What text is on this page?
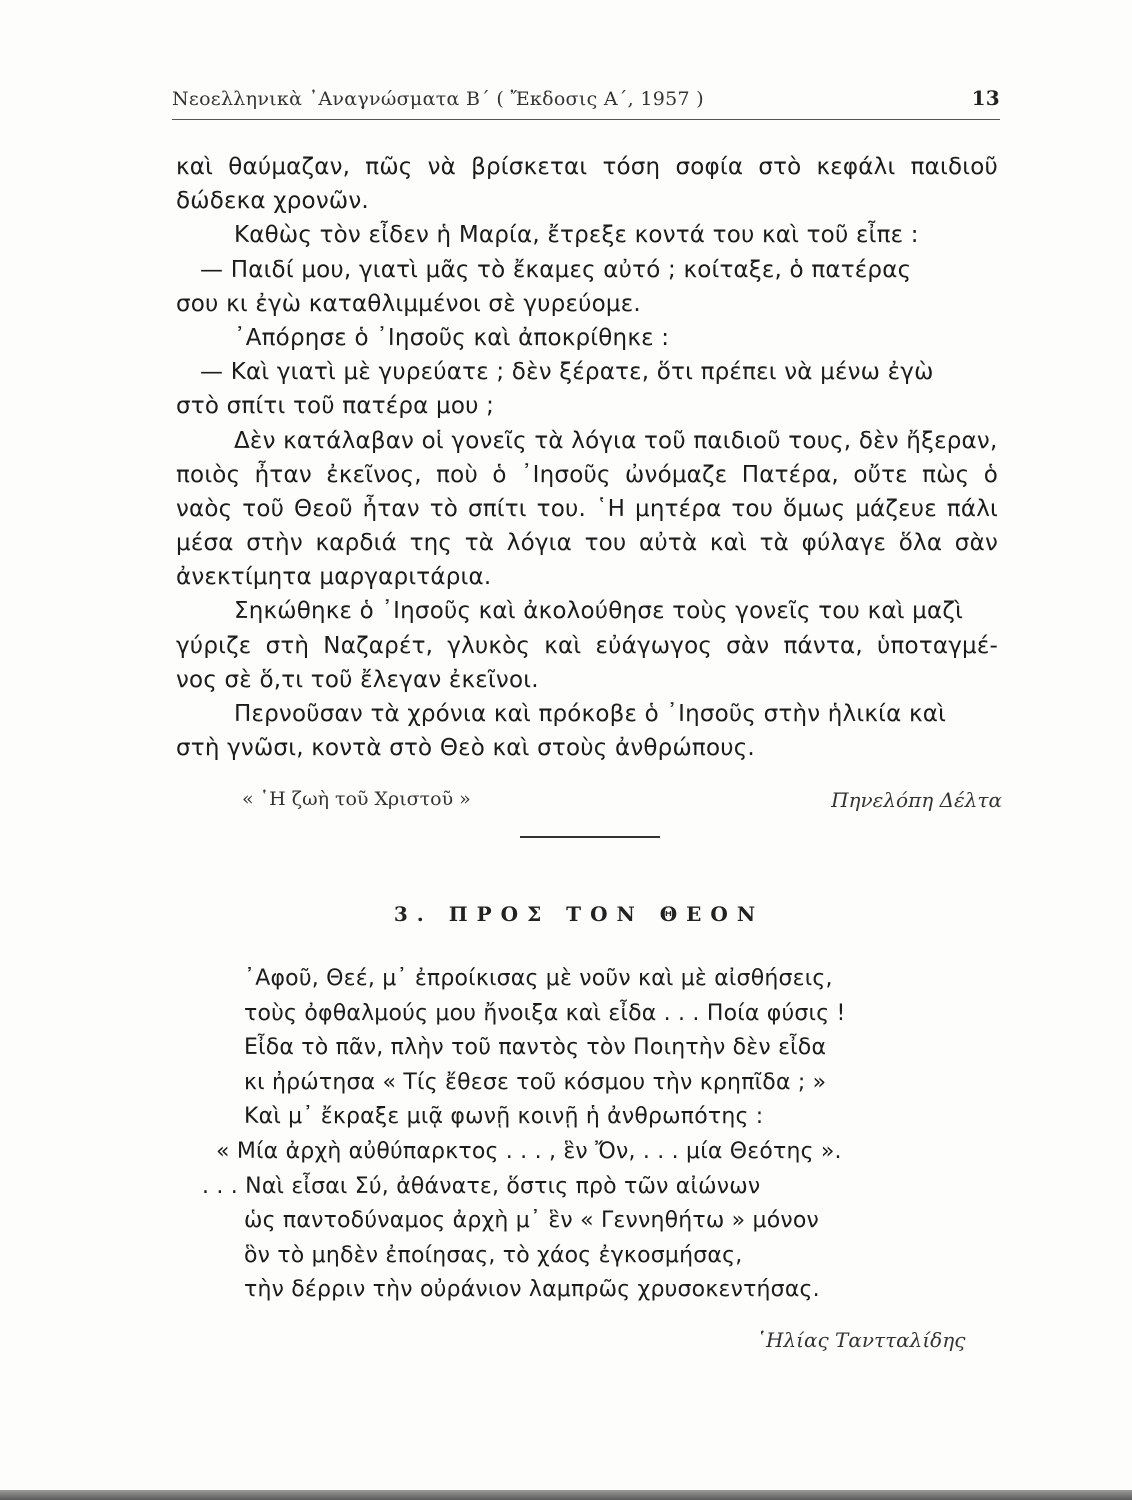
Νεοελληνικὰ ᾿Αναγνώσματα Β΄ ( Ἔκδοσις Α΄, 1957 )	13
καὶ θαύμαζαν, πῶς νὰ βρίσκεται τόση σοφία στὸ κεφάλι παιδιοῦ
δώδεκα χρονῶν.
Καθὼς τὸν εἶδεν ἡ Μαρία, ἔτρεξε κοντά του καὶ τοῦ εἶπε :
— Παιδί μου, γιατὶ μᾶς τὸ ἔκαμες αὐτό ; κοίταξε, ὁ πατέρας
σου κι ἐγὼ καταθλιμμένοι σὲ γυρεύομε.
᾿Απόρησε ὁ ᾿Ιησοῦς καὶ ἀποκρίθηκε :
— Καὶ γιατὶ μὲ γυρεύατε ; δὲν ξέρατε, ὅτι πρέπει νὰ μένω ἐγὼ
στὸ σπίτι τοῦ πατέρα μου ;
Δὲν κατάλαβαν οἱ γονεῖς τὰ λόγια τοῦ παιδιοῦ τους, δὲν ἤξεραν,
ποιὸς ἦταν ἐκεῖνος, ποὺ ὁ ᾿Ιησοῦς ὠνόμαζε Πατέρα, οὔτε πὼς ὁ
ναὸς τοῦ Θεοῦ ἦταν τὸ σπίτι του. ῾Η μητέρα του ὅμως μάζευε πάλι
μέσα στὴν καρδιά της τὰ λόγια του αὐτὰ καὶ τὰ φύλαγε ὅλα σὰν
ἀνεκτίμητα μαργαριτάρια.
Σηκώθηκε ὁ ᾿Ιησοῦς καὶ ἀκολούθησε τοὺς γονεῖς του καὶ μαζὶ
γύριζε στὴ Ναζαρέτ, γλυκὸς καὶ εὐάγωγος σὰν πάντα, ὑποταγμέ-
νος σὲ ὅ,τι τοῦ ἔλεγαν ἐκεῖνοι.
Περνοῦσαν τὰ χρόνια καὶ πρόκοβε ὁ ᾿Ιησοῦς στὴν ἡλικία καὶ
στὴ γνῶσι, κοντὰ στὸ Θεὸ καὶ στοὺς ἀνθρώπους.
« ῾Η ζωὴ τοῦ Χριστοῦ »	Πηνελόπη Δέλτα
3. ΠΡΟΣ ΤΟΝ ΘΕΟΝ
᾿Αφοῦ, Θεέ, μ᾿ ἐπροίκισας μὲ νοῦν καὶ μὲ αἰσθήσεις,
τοὺς ὀφθαλμούς μου ἤνοιξα καὶ εἶδα . . . Ποία φύσις !
Εἶδα τὸ πᾶν, πλὴν τοῦ παντὸς τὸν Ποιητὴν δὲν εἶδα
κι ἠρώτησα « Τίς ἔθεσε τοῦ κόσμου τὴν κρηπῖδα ; »
Καὶ μ᾿ ἔκραξε μιᾷ φωνῇ κοινῇ ἡ ἀνθρωπότης :
« Μία ἀρχὴ αὐθύπαρκτος . . . , ἓν Ὄν, . . . μία Θεότης ».
. . . Ναὶ εἶσαι Σύ, ἀθάνατε, ὅστις πρὸ τῶν αἰώνων
ὡς παντοδύναμος ἀρχὴ μ᾿ ἓν « Γεννηθήτω » μόνον
ὃν τὸ μηδὲν ἐποίησας, τὸ χάος ἐγκοσμήσας,
τὴν δέρριν τὴν οὐράνιον λαμπρῶς χρυσοκεντήσας.
῾Ηλίας Ταντταλίδης
